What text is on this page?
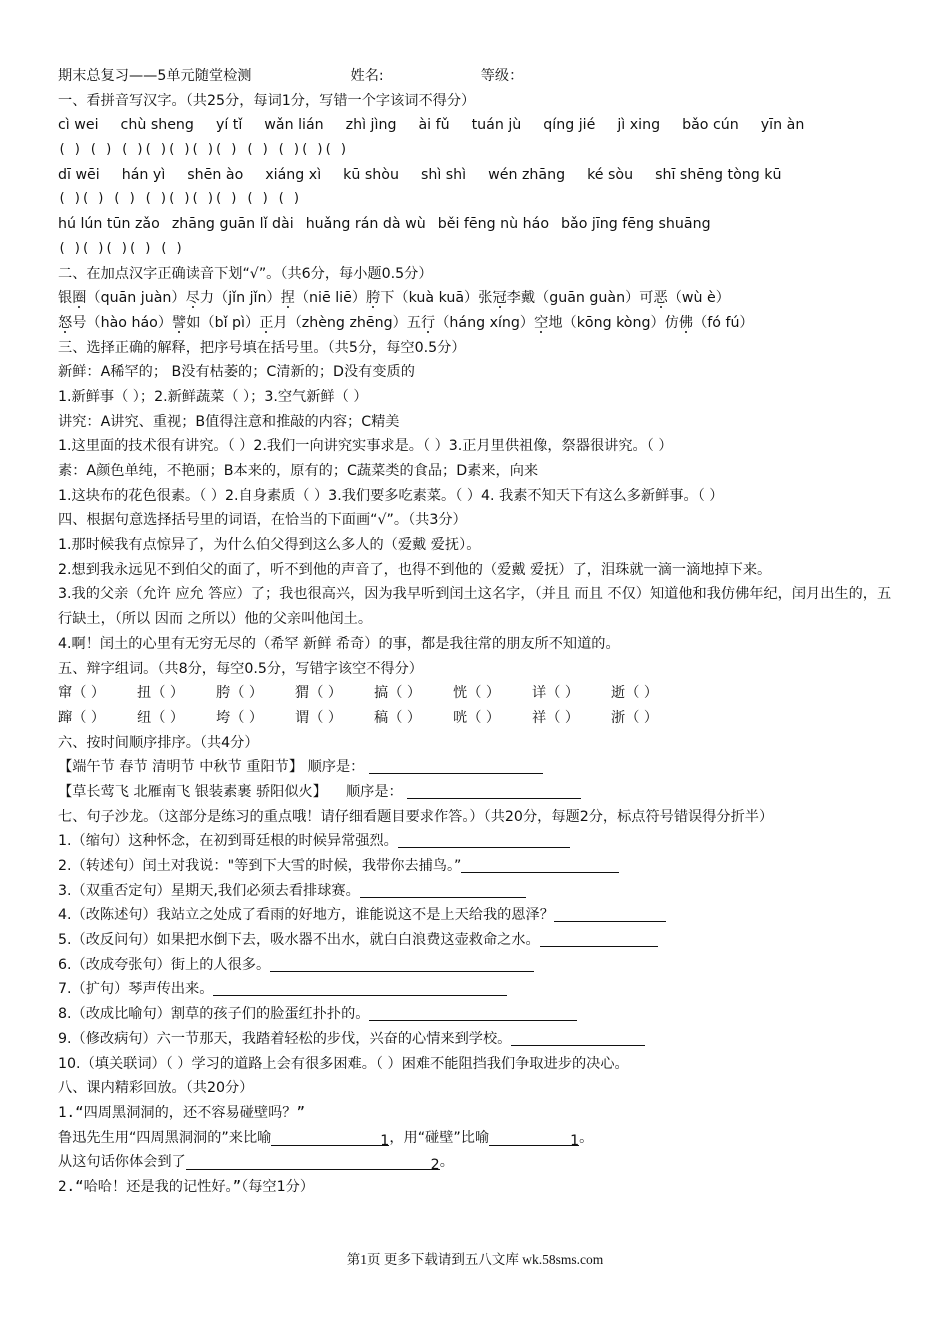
期末总复习——5单元随堂检测	姓名:	等级：
一、看拼音写汉字。（共25分，每词1分，写错一个字该词不得分）
cì wei chù sheng yí tǐ wǎn lián zhì jìng ài fǔ tuán jù qíng jié jì xing bǎo cún yīn àn
( ) ( ) ( )( )( )( )( ) ( ) ( )( )( )
dī wēi hán yì shēn ào xiáng xì kū shòu shì shì wén zhāng ké sòu shī shēng tòng kū
( )( ) ( ) ( )( )( )( ) ( ) ( )
hú lún tūn zǎo zhāng guān lǐ dài huǎng rán dà wù běi fēng nù háo bǎo jīng fēng shuāng
( )( )( )( ) ( )
二、在加点汉字正确读音下划“√”。（共6分，每小题0.5分）
银圈（quān juàn）尽力（jǐn jǐn）捏（niē liē）胯下（kuà kuā）张冠李戴（guān guàn）可恶（wù è）
怒号（hào háo）譬如（bǐ pì）正月（zhèng zhēng）五行（háng xíng）空地（kōng kòng）仿佛（fó fú）
三、选择正确的解释，把序号填在括号里。（共5分，每空0.5分）
新鲜：A稀罕的； B没有枯萎的；C清新的；D没有变质的
1.新鲜事（ ）；2.新鲜蔬菜（ ）；3.空气新鲜（ ）
讲究：A讲究、重视；B值得注意和推敲的内容；C精美
1.这里面的技术很有讲究。（ ）2.我们一向讲究实事求是。（ ）3.正月里供祖像，祭器很讲究。（ ）
素：A颜色单纯，不艳丽；B本来的，原有的；C蔬菜类的食品；D素来，向来
1.这块布的花色很素。（ ）2.自身素质（ ）3.我们要多吃素菜。（ ）4. 我素不知天下有这么多新鲜事。（ ）
四、根据句意选择括号里的词语，在恰当的下面画“√”。（共3分）
1.那时候我有点惊异了，为什么伯父得到这么多人的（爱戴 爱抚）。
2.想到我永远见不到伯父的面了，听不到他的声音了，也得不到他的（爱戴 爱抚）了，泪珠就一滴一滴地掉下来。
3.我的父亲（允许 应允 答应）了；我也很高兴，因为我早听到闰土这名字，（并且 而且 不仅）知道他和我仿佛年纪，闰月出生的，五行缺土，（所以 因而 之所以）他的父亲叫他闰土。
4.啊！闰土的心里有无穷无尽的（希罕 新鲜 希奇）的事，都是我往常的朋友所不知道的。
五、辩字组词。（共8分，每空0.5分，写错字该空不得分）
窜（ ） 扭（ ） 胯（ ） 猬（ ） 搞（ ） 恍（ ） 详（ ） 逝（ ）
蹿（ ） 纽（ ） 垮（ ） 谓（ ） 稿（ ） 咣（ ） 祥（ ） 浙（ ）
六、按时间顺序排序。（共4分）
【端午节 春节 清明节 中秋节 重阳节】 顺序是：
【草长莺飞 北雁南飞 银装素裹 骄阳似火】 顺序是：
七、句子沙龙。（这部分是练习的重点哦！请仔细看题目要求作答。）（共20分，每题2分，标点符号错误得分折半）
1.（缩句）这种怀念，在初到哥廷根的时候异常强烈。
2.（转述句）闰土对我说："等到下大雪的时候，我带你去捕鸟。”
3.（双重否定句）星期天,我们必须去看排球赛。
4.（改陈述句）我站立之处成了看雨的好地方，谁能说这不是上天给我的恩泽？
5.（改反问句）如果把水倒下去，吸水器不出水，就白白浪费这壶救命之水。
6.（改成夸张句）街上的人很多。
7.（扩句）琴声传出来。
8.（改成比喻句）割草的孩子们的脸蛋红扑扑的。
9.（修改病句）六一节那天，我踏着轻松的步伐，兴奋的心情来到学校。
10.（填关联词）（ ）学习的道路上会有很多困难。（ ）困难不能阻挡我们争取进步的决心。
八、课内精彩回放。（共20分）
1.“四周黑洞洞的，还不容易碰壁吗？”
鲁迅先生用“四周黑洞洞的”来比喻	1，用“碰壁”比喻	1。
从这句话你体会到了	2。
2.“哈哈！还是我的记性好。”（每空1分）
第1页 更多下载请到五八文库 wk.58sms.com
